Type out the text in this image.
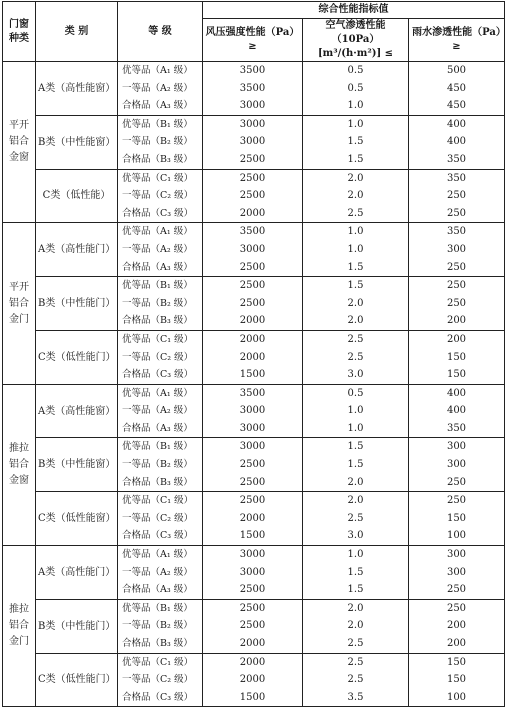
门窗种类	类 别	等 级	综合性能指标值		
			风压强度性能（Pa）≥	空气渗透性能（10Pa）[m³/(h·m²)] ≤	雨水渗透性能（Pa）≥
平开铝合金窗	A类（高性能窗）	优等品（A₁ 级）	3500	0.5	500
		一等品（A₂ 级）	3500	0.5	450
		合格品（A₃ 级）	3000	1.0	450
	B类（中性能窗）	优等品（B₁ 级）	3000	1.0	400
		一等品（B₂ 级）	3000	1.5	400
		合格品（B₃ 级）	2500	1.5	350
	C类（低性能）	优等品（C₁ 级）	2500	2.0	350
		一等品（C₂ 级）	2500	2.0	250
		合格品（C₃ 级）	2000	2.5	250
平开铝合金门	A类（高性能门）	优等品（A₁ 级）	3500	1.0	350
		一等品（A₂ 级）	3000	1.0	300
		合格品（A₃ 级）	2500	1.5	250
	B类（中性能门）	优等品（B₁ 级）	2500	1.5	250
		一等品（B₂ 级）	2500	2.0	250
		合格品（B₃ 级）	2000	2.0	200
	C类（低性能门）	优等品（C₁ 级）	2000	2.5	200
		一等品（C₂ 级）	2000	2.5	150
		合格品（C₃ 级）	1500	3.0	150
推拉铝合金窗	A类（高性能窗）	优等品（A₁ 级）	3500	0.5	400
		一等品（A₂ 级）	3000	1.0	400
		合格品（A₃ 级）	3000	1.0	350
	B类（中性能窗）	优等品（B₁ 级）	3000	1.5	300
		一等品（B₂ 级）	2500	1.5	300
		合格品（B₃ 级）	2500	2.0	250
	C类（低性能窗）	优等品（C₁ 级）	2500	2.0	250
		一等品（C₂ 级）	2000	2.5	150
		合格品（C₃ 级）	1500	3.0	100
推拉铝合金门	A类（高性能门）	优等品（A₁ 级）	3000	1.0	300
		一等品（A₂ 级）	3000	1.5	300
		合格品（A₃ 级）	2500	1.5	250
	B类（中性能门）	优等品（B₁ 级）	2500	2.0	250
		一等品（B₂ 级）	2500	2.0	200
		合格品（B₃ 级）	2000	2.5	200
	C类（低性能门）	优等品（C₁ 级）	2000	2.5	150
		一等品（C₂ 级）	2000	2.5	150
		合格品（C₃ 级）	1500	3.5	100
